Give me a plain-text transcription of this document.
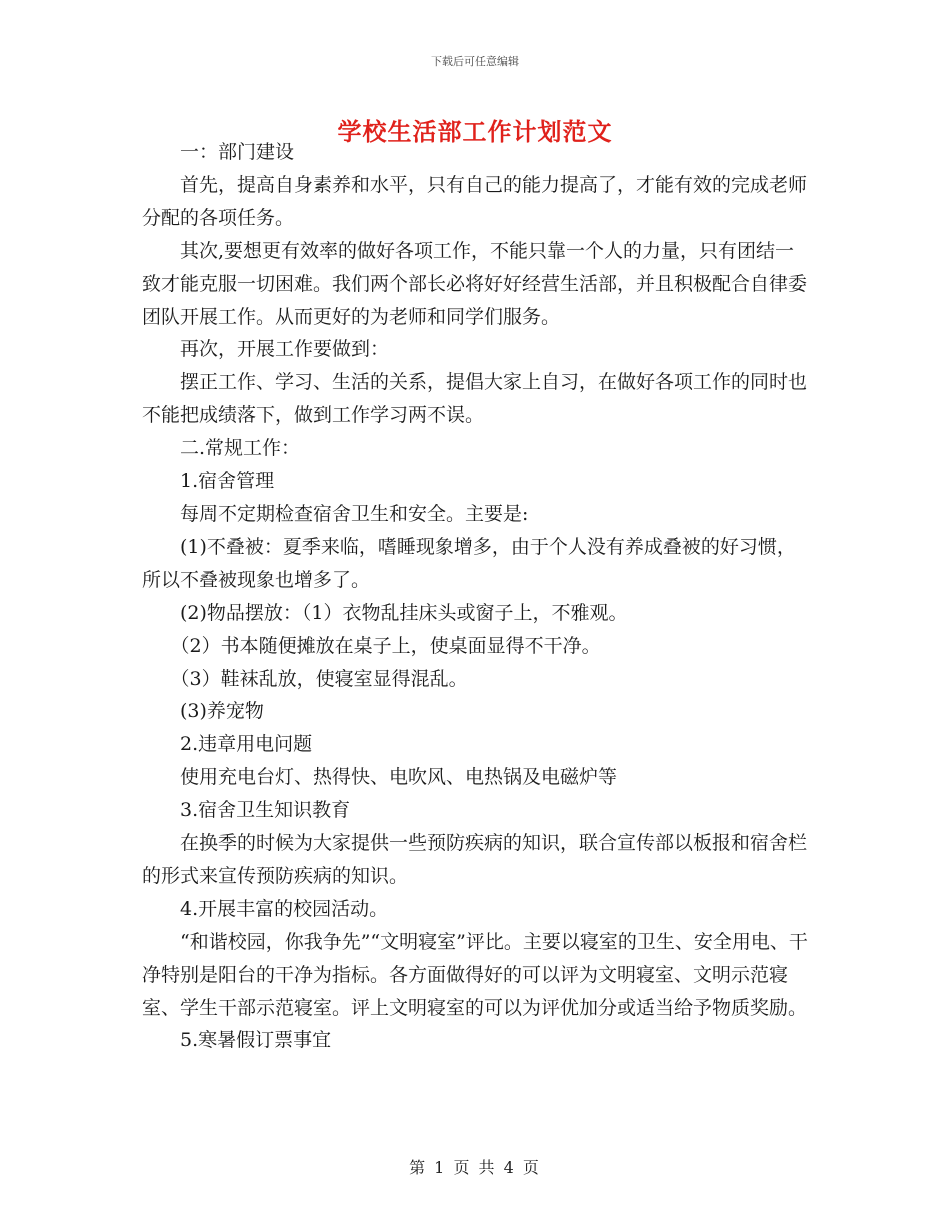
下载后可任意编辑
学校生活部工作计划范文

一：部门建设

首先，提高自身素养和水平，只有自己的能力提高了，才能有效的完成老师分配的各项任务。

其次,要想更有效率的做好各项工作，不能只靠一个人的力量，只有团结一致才能克服一切困难。我们两个部长必将好好经营生活部，并且积极配合自律委团队开展工作。从而更好的为老师和同学们服务。

再次，开展工作要做到：

摆正工作、学习、生活的关系，提倡大家上自习，在做好各项工作的同时也不能把成绩落下，做到工作学习两不误。

二.常规工作：

1.宿舍管理

每周不定期检查宿舍卫生和安全。主要是:

(1)不叠被：夏季来临，嗜睡现象增多，由于个人没有养成叠被的好习惯，所以不叠被现象也增多了。

(2)物品摆放：（1）衣物乱挂床头或窗子上，不雅观。

（2）书本随便摊放在桌子上，使桌面显得不干净。

（3）鞋袜乱放，使寝室显得混乱。

(3)养宠物

2.违章用电问题

使用充电台灯、热得快、电吹风、电热锅及电磁炉等

3.宿舍卫生知识教育

在换季的时候为大家提供一些预防疾病的知识，联合宣传部以板报和宿舍栏的形式来宣传预防疾病的知识。

4.开展丰富的校园活动。

“和谐校园，你我争先”“文明寝室”评比。主要以寝室的卫生、安全用电、干净特别是阳台的干净为指标。各方面做得好的可以评为文明寝室、文明示范寝室、学生干部示范寝室。评上文明寝室的可以为评优加分或适当给予物质奖励。

5.寒暑假订票事宜

第 1 页 共 4 页
